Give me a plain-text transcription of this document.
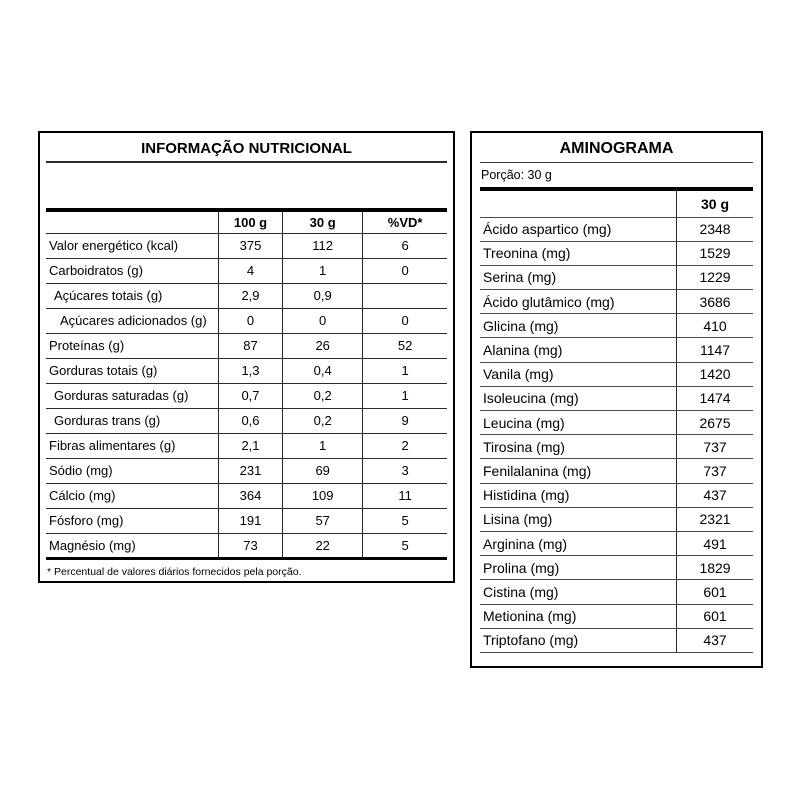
INFORMAÇÃO NUTRICIONAL
	100 g	30 g	%VD*
Valor energético (kcal)	375	112	6
Carboidratos (g)	4	1	0
Açúcares totais (g)	2,9	0,9	
Açúcares adicionados (g)	0	0	0
Proteínas (g)	87	26	52
Gorduras totais (g)	1,3	0,4	1
Gorduras saturadas (g)	0,7	0,2	1
Gorduras trans (g)	0,6	0,2	9
Fibras alimentares (g)	2,1	1	2
Sódio (mg)	231	69	3
Cálcio (mg)	364	109	11
Fósforo (mg)	191	57	5
Magnésio (mg)	73	22	5
* Percentual de valores diários fornecidos pela porção.
AMINOGRAMA
Porção: 30 g
	30 g
Ácido aspartico (mg)	2348
Treonina (mg)	1529
Serina (mg)	1229
Ácido glutâmico (mg)	3686
Glicina (mg)	410
Alanina (mg)	1147
Vanila (mg)	1420
Isoleucina (mg)	1474
Leucina (mg)	2675
Tirosina (mg)	737
Fenilalanina (mg)	737
Histidina (mg)	437
Lisina (mg)	2321
Arginina (mg)	491
Prolina (mg)	1829
Cistina (mg)	601
Metionina (mg)	601
Triptofano (mg)	437
